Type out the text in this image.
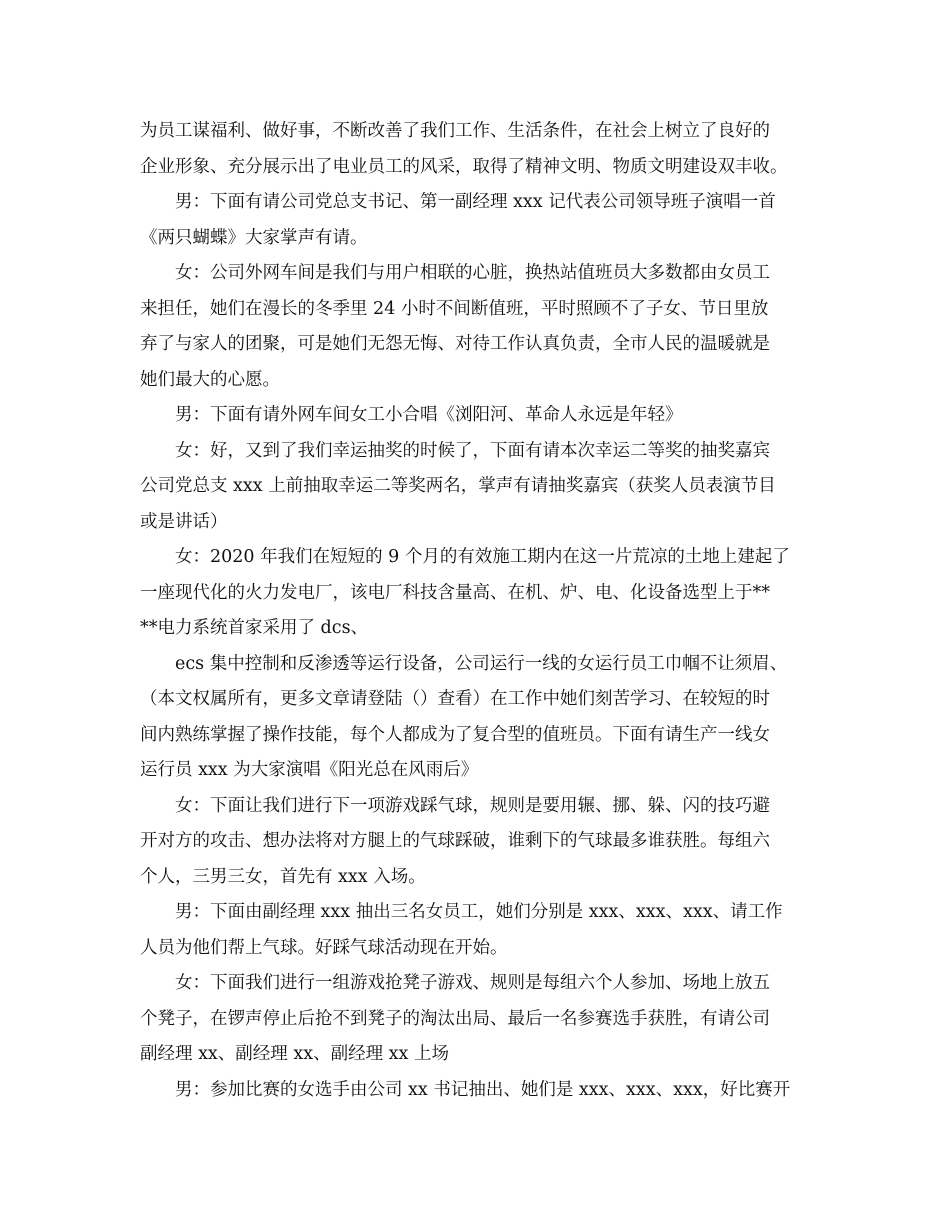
为员工谋福利、做好事，不断改善了我们工作、生活条件，在社会上树立了良好的
企业形象、充分展示出了电业员工的风采，取得了精神文明、物质文明建设双丰收。
男：下面有请公司党总支书记、第一副经理 xxx 记代表公司领导班子演唱一首
《两只蝴蝶》大家掌声有请。
女：公司外网车间是我们与用户相联的心脏，换热站值班员大多数都由女员工
来担任，她们在漫长的冬季里 24 小时不间断值班，平时照顾不了子女、节日里放
弃了与家人的团聚，可是她们无怨无悔、对待工作认真负责，全市人民的温暖就是
她们最大的心愿。
男：下面有请外网车间女工小合唱《浏阳河、革命人永远是年轻》
女：好，又到了我们幸运抽奖的时候了，下面有请本次幸运二等奖的抽奖嘉宾
公司党总支 xxx 上前抽取幸运二等奖两名，掌声有请抽奖嘉宾（获奖人员表演节目
或是讲话）
女：2020 年我们在短短的 9 个月的有效施工期内在这一片荒凉的土地上建起了
一座现代化的火力发电厂，该电厂科技含量高、在机、炉、电、化设备选型上于**
**电力系统首家采用了 dcs、
ecs 集中控制和反渗透等运行设备，公司运行一线的女运行员工巾帼不让须眉、
（本文权属所有，更多文章请登陆（）查看）在工作中她们刻苦学习、在较短的时
间内熟练掌握了操作技能，每个人都成为了复合型的值班员。下面有请生产一线女
运行员 xxx 为大家演唱《阳光总在风雨后》
女：下面让我们进行下一项游戏踩气球，规则是要用辗、挪、躲、闪的技巧避
开对方的攻击、想办法将对方腿上的气球踩破，谁剩下的气球最多谁获胜。每组六
个人，三男三女，首先有 xxx 入场。
男：下面由副经理 xxx 抽出三名女员工，她们分别是 xxx、xxx、xxx、请工作
人员为他们帮上气球。好踩气球活动现在开始。
女：下面我们进行一组游戏抢凳子游戏、规则是每组六个人参加、场地上放五
个凳子，在锣声停止后抢不到凳子的淘汰出局、最后一名参赛选手获胜，有请公司
副经理 xx、副经理 xx、副经理 xx 上场
男：参加比赛的女选手由公司 xx 书记抽出、她们是 xxx、xxx、xxx，好比赛开
